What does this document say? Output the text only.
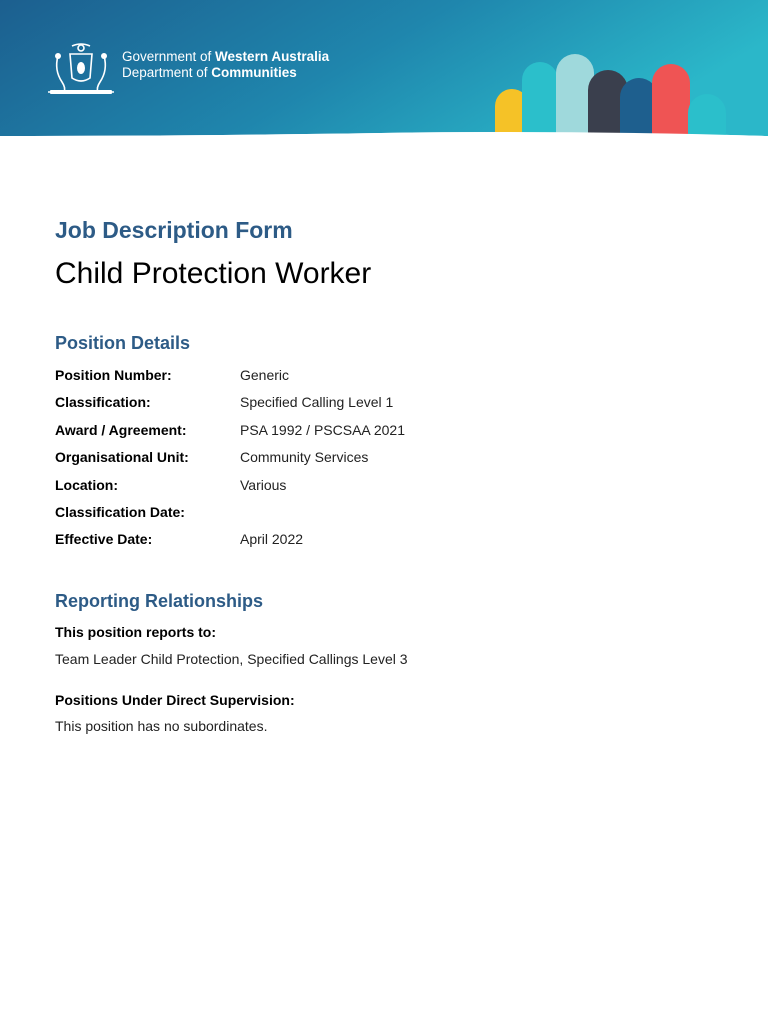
Government of Western Australia
Department of Communities
Job Description Form
Child Protection Worker
Position Details
Position Number:	Generic
Classification:	Specified Calling Level 1
Award / Agreement:	PSA 1992 / PSCSAA 2021
Organisational Unit:	Community Services
Location:	Various
Classification Date:
Effective Date:	April 2022
Reporting Relationships
This position reports to:
Team Leader Child Protection, Specified Callings Level 3
Positions Under Direct Supervision:
This position has no subordinates.
